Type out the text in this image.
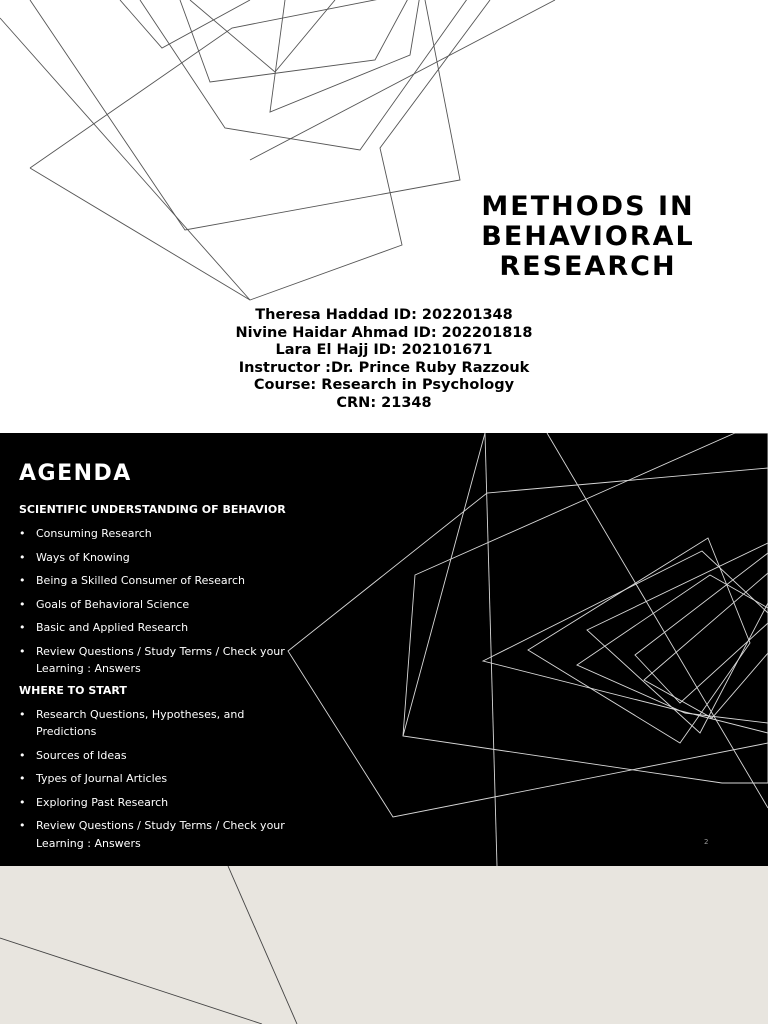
METHODS IN
BEHAVIORAL
RESEARCH
Theresa Haddad ID: 202201348
Nivine Haidar Ahmad ID: 202201818
Lara El Hajj ID: 202101671
Instructor :Dr. Prince Ruby Razzouk
Course: Research in Psychology
CRN: 21348
AGENDA
SCIENTIFIC UNDERSTANDING OF BEHAVIOR
• Consuming Research
• Ways of Knowing
• Being a Skilled Consumer of Research
• Goals of Behavioral Science
• Basic and Applied Research
• Review Questions / Study Terms / Check your Learning : Answers
WHERE TO START
• Research Questions, Hypotheses, and Predictions
• Sources of Ideas
• Types of Journal Articles
• Exploring Past Research
• Review Questions / Study Terms / Check your Learning : Answers	2
